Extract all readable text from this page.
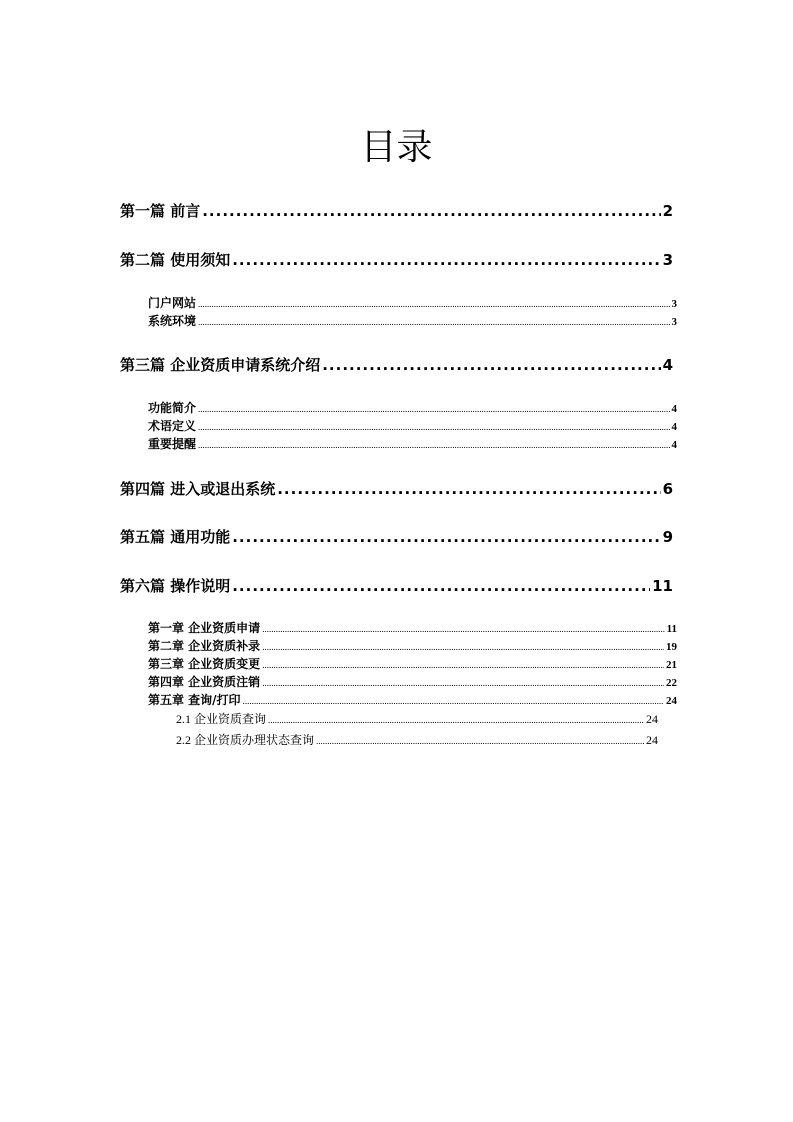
目录
第一篇 前言 .....	2
第二篇 使用须知 .....	3
门户网站 .....	3
系统环境 .....	3
第三篇 企业资质申请系统介绍 .....	4
功能简介 .....	4
术语定义 .....	4
重要提醒 .....	4
第四篇 进入或退出系统 .....	6
第五篇 通用功能 .....	9
第六篇 操作说明 .....	11
第一章 企业资质申请 .....	11
第二章 企业资质补录 .....	19
第三章 企业资质变更 .....	21
第四章 企业资质注销 .....	22
第五章 查询/打印 .....	24
2.1 企业资质查询 .....	24
2.2 企业资质办理状态查询 .....	24
